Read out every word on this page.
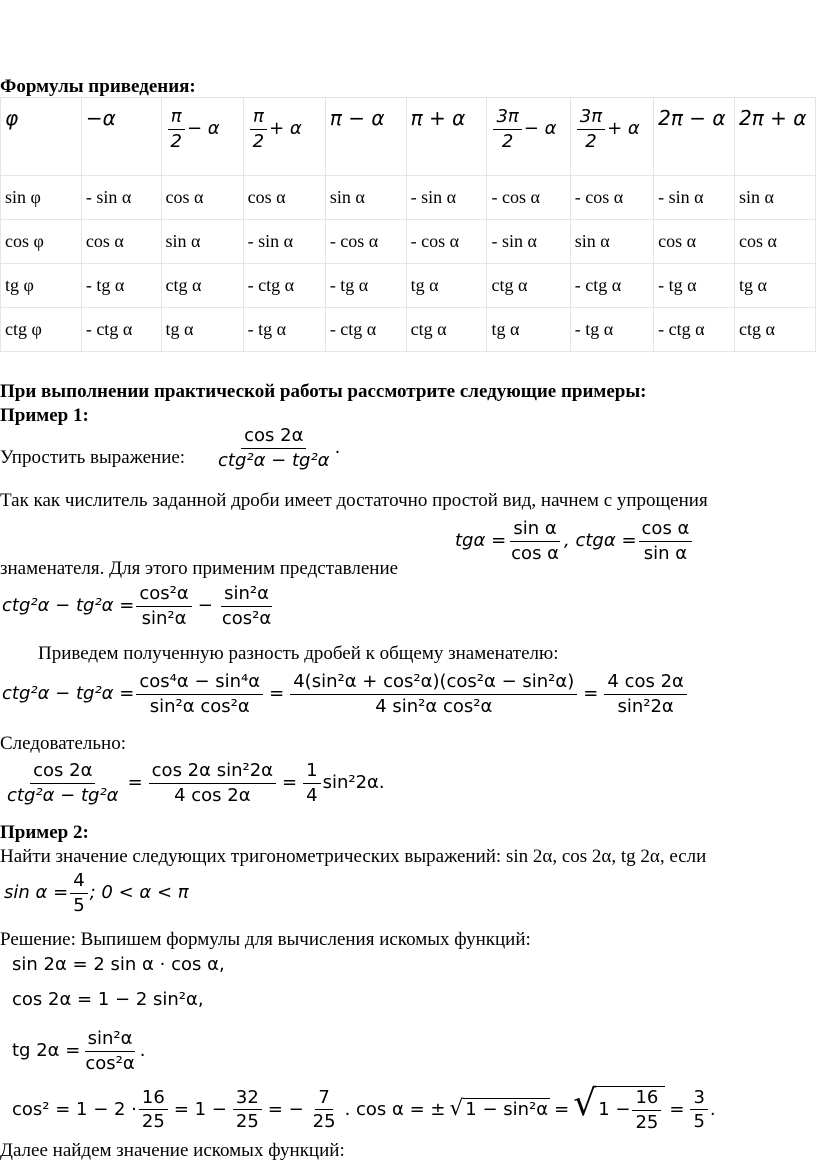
Формулы приведения:
φ	−α	$\frac{\pi}{2} - \alpha$	$\frac{\pi}{2} + \alpha$	π − α	π + α	$\frac{3\pi}{2} - \alpha$	$\frac{3\pi}{2} + \alpha$	2π − α	2π + α
sin φ	- sin α	cos α	cos α	sin α	- sin α	- cos α	- cos α	- sin α	sin α
cos φ	cos α	sin α	- sin α	- cos α	- cos α	- sin α	sin α	cos α	cos α
tg φ	- tg α	ctg α	- ctg α	- tg α	tg α	ctg α	- ctg α	- tg α	tg α
ctg φ	- ctg α	tg α	- tg α	- ctg α	ctg α	tg α	- tg α	- ctg α	ctg α
При выполнении практической работы рассмотрите следующие примеры:
Пример 1:
Упростить выражение: $\frac{\cos 2\alpha}{\text{ctg²α − tg²α}}$ .
Так как числитель заданной дроби имеет достаточно простой вид, начнем с упрощения
знаменателя. Для этого применим представление
$tg\alpha = \frac{\text{sin α}}{\text{cos α}}$ , $ctg\alpha = \frac{\text{cos α}}{\text{sin α}}$
$ctg^2\alpha - tg^2\alpha = \frac{\text{cos²α}}{\text{sin²α}} - \frac{\text{sin²α}}{\text{cos²α}}$
Приведем полученную разность дробей к общему знаменателю:
$ctg^2\alpha - tg^2\alpha = \frac{\text{cos⁴α − sin⁴α}}{\text{sin²α cos²α}} = \frac{\text{4(sin²α + cos²α)(cos²α − sin²α)}}{\text{4 sin²α cos²α}} = \frac{4 \cos 2\alpha}{\text{sin²2α}}$
Следовательно:
$\frac{\cos 2\alpha}{\text{ctg²α − tg²α}} = \frac{\text{cos 2α sin²2α}}{4 \cos 2\alpha} = \frac{1}{4} \sin^22\alpha$.
Пример 2:
Найти значение следующих тригонометрических выражений: sin 2α, cos 2α, tg 2α, если
$\sin \alpha = \frac{4}{5}$ ; 0 < α < π
Решение: Выпишем формулы для вычисления искомых функций:
sin 2α = 2 sin α · cos α,
cos 2α = 1 − 2 sin²α,
tg $2\alpha = \frac{\text{sin²α}}{\text{cos²α}}$ .
$\cos^2 = 1 - 2 \cdot \frac{16}{25} = 1 - \frac{32}{25}$ = − $\frac{7}{25}$ . cos α = ± √ 1 − sin²α = √ $1 - \frac{16}{25} = \frac{3}{5}$ .
Далее найдем значение искомых функций:
